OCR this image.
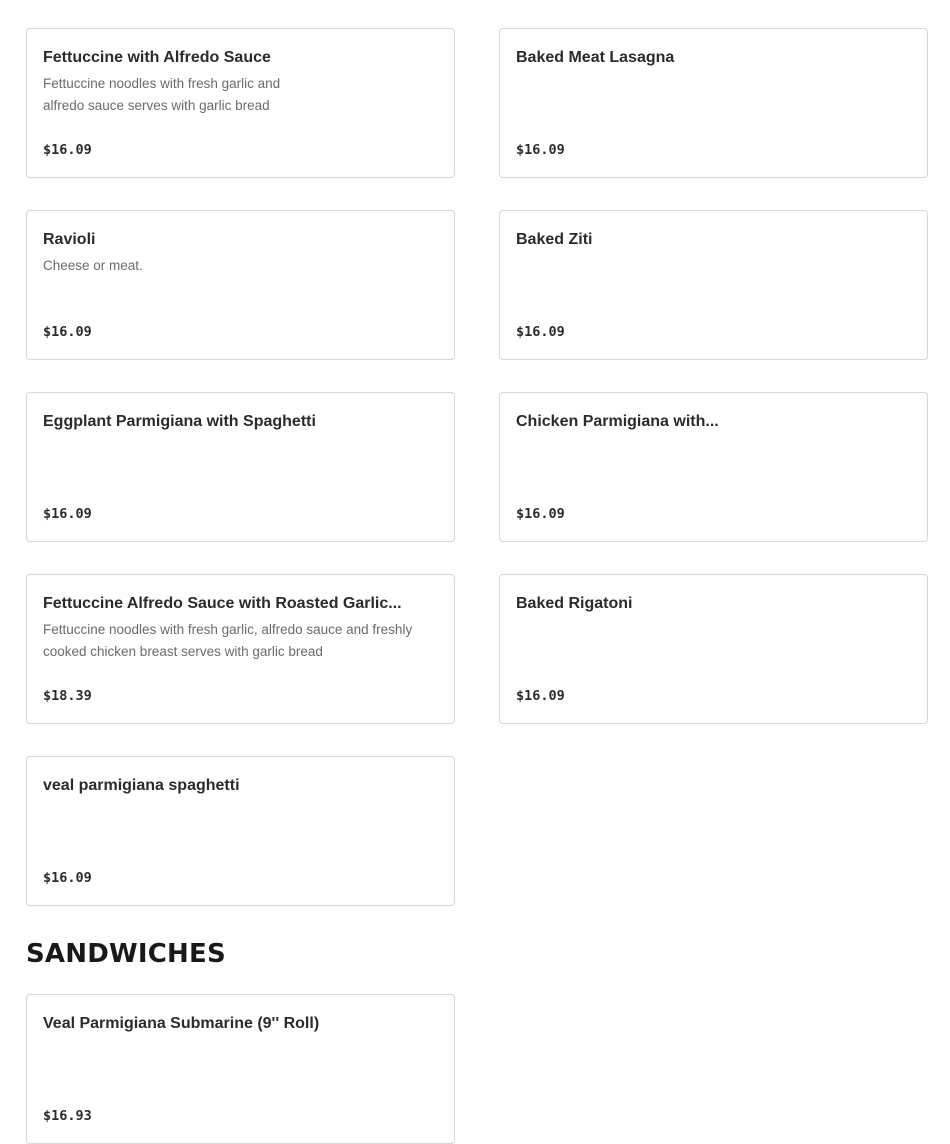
Fettuccine with Alfredo Sauce
Fettuccine noodles with fresh garlic and alfredo sauce serves with garlic bread
$16.09
Baked Meat Lasagna
$16.09
Ravioli
Cheese or meat.
$16.09
Baked Ziti
$16.09
Eggplant Parmigiana with Spaghetti
$16.09
Chicken Parmigiana with...
$16.09
Fettuccine Alfredo Sauce with Roasted Garlic...
Fettuccine noodles with fresh garlic, alfredo sauce and freshly cooked chicken breast serves with garlic bread
$18.39
Baked Rigatoni
$16.09
veal parmigiana spaghetti
$16.09
SANDWICHES
Veal Parmigiana Submarine (9'' Roll)
$16.93
